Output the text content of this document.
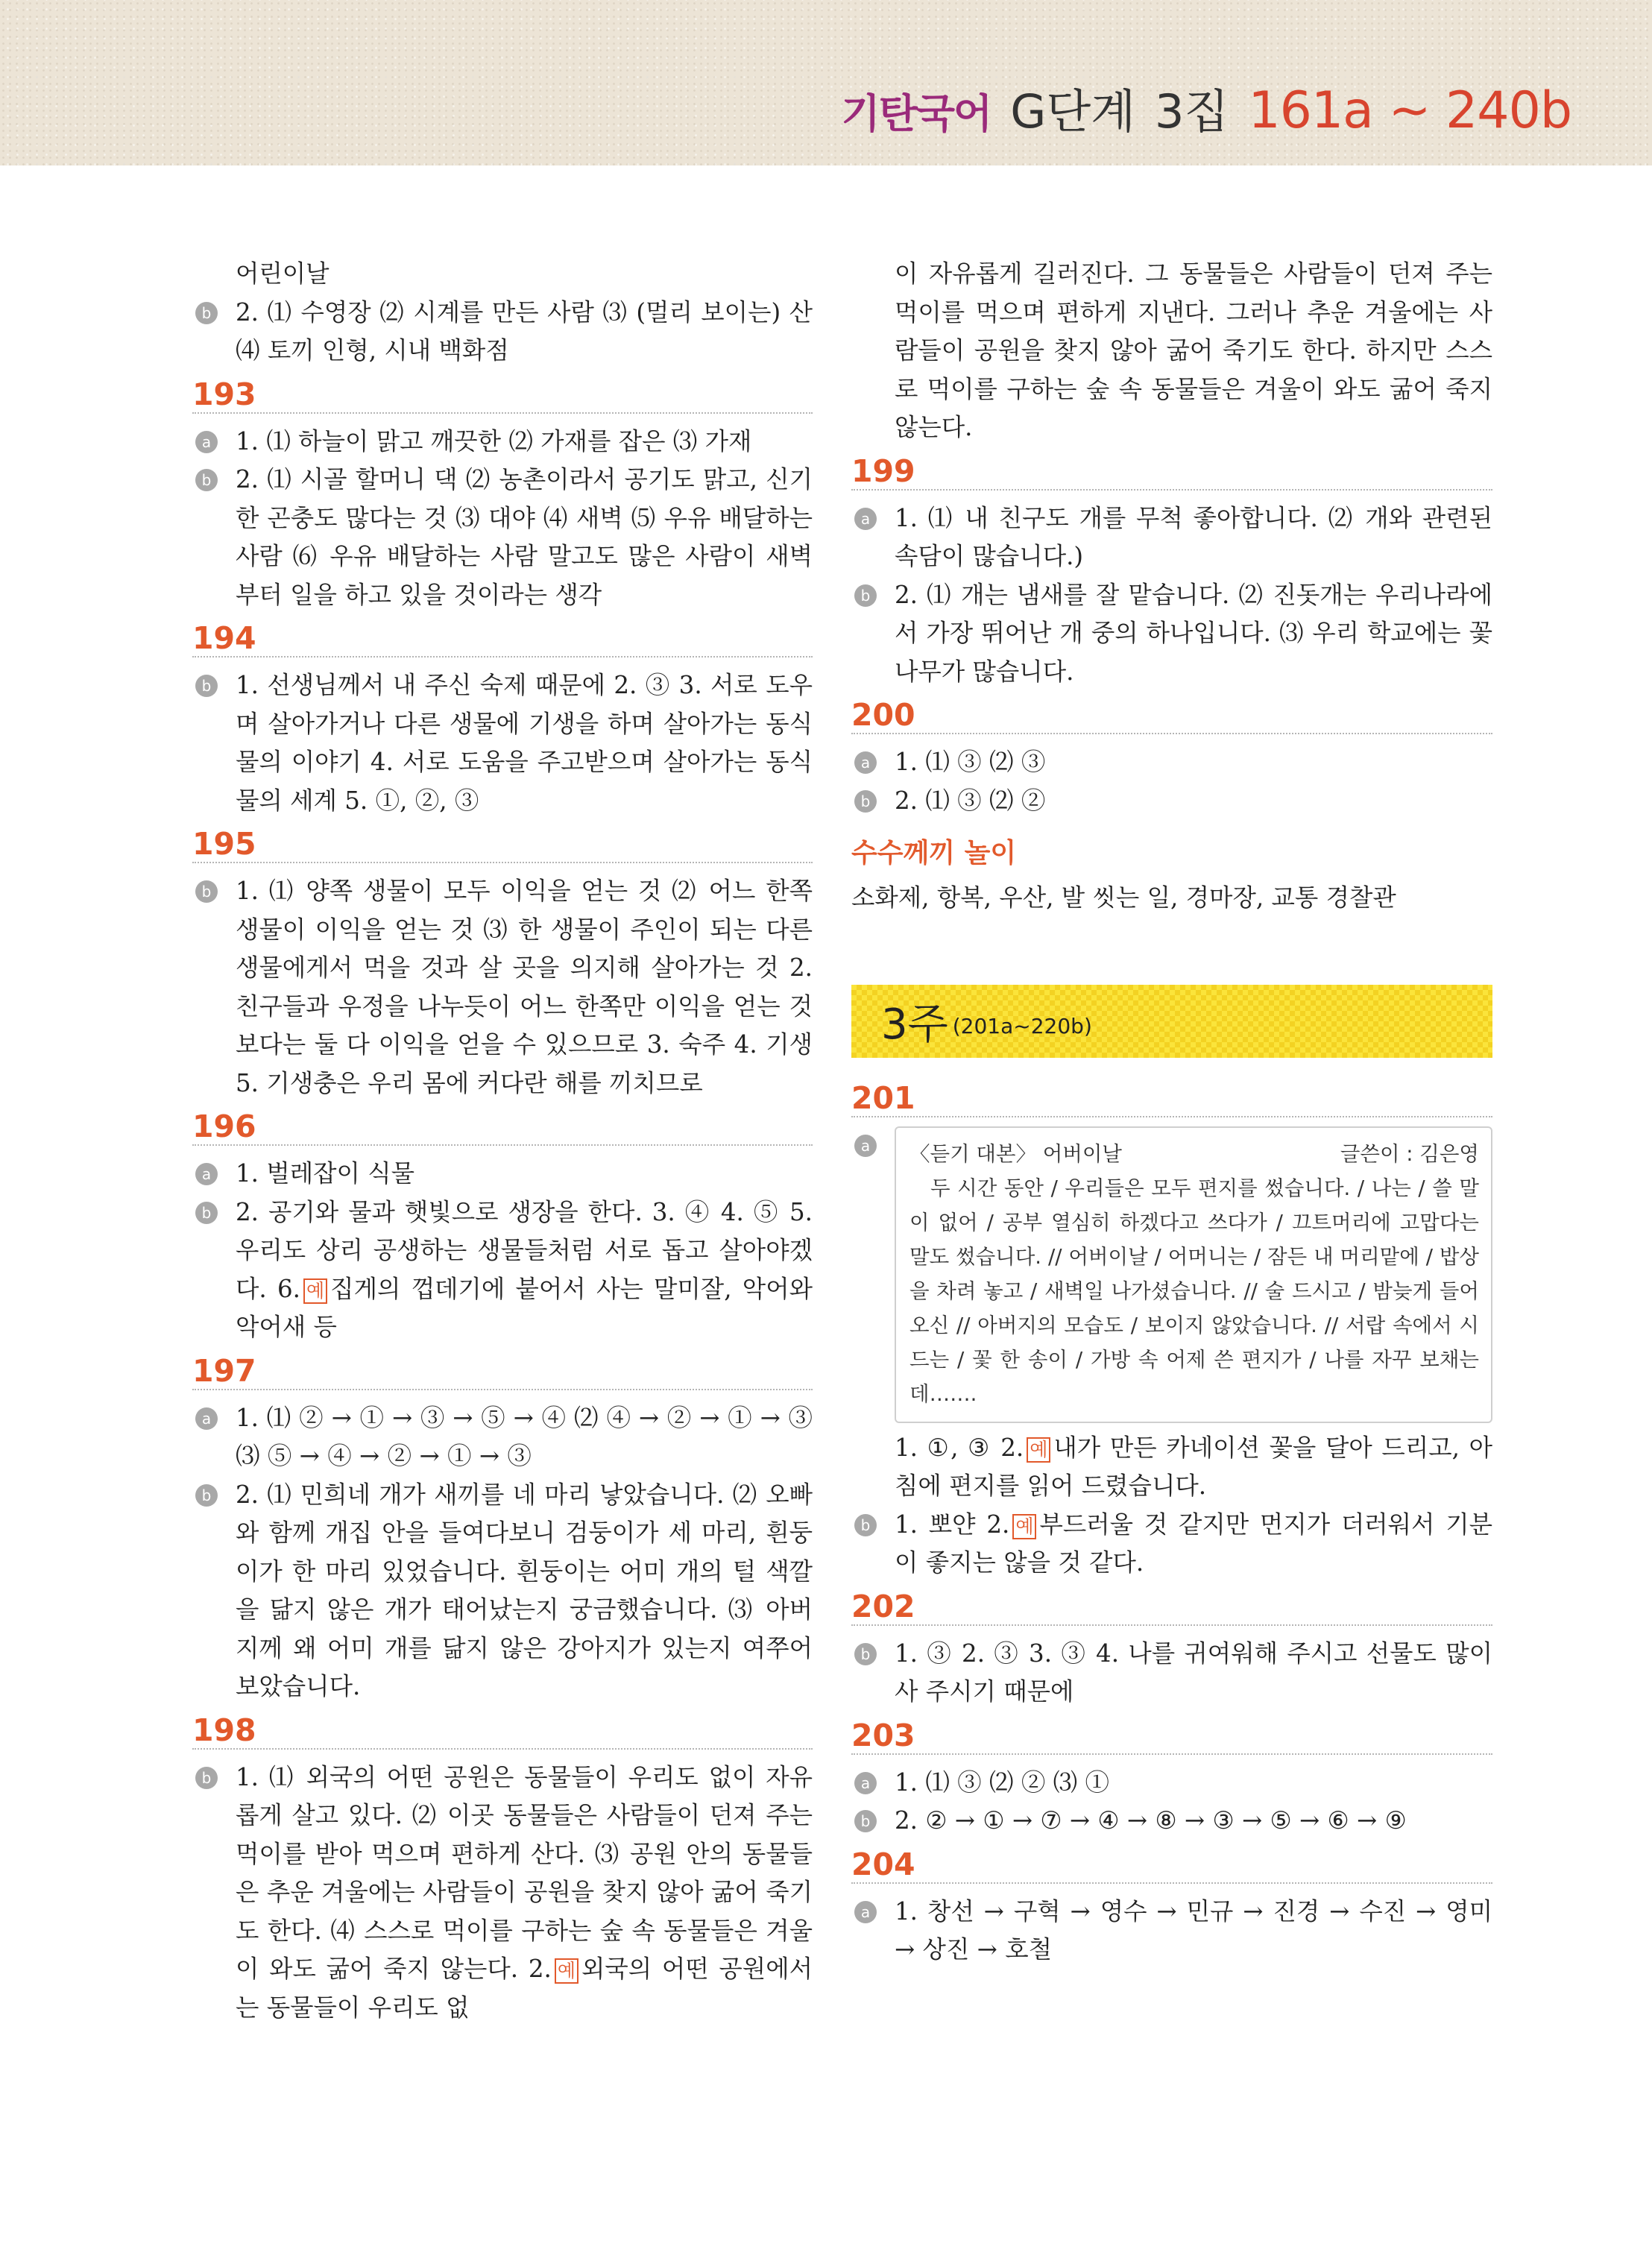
기탄국어 G단계 3집 161a ~ 240b
어린이날
b 2. ⑴ 수영장 ⑵ 시계를 만든 사람 ⑶ (멀리 보이는) 산 ⑷ 토끼 인형, 시내 백화점
193
a 1. ⑴ 하늘이 맑고 깨끗한 ⑵ 가재를 잡은 ⑶ 가재
b 2. ⑴ 시골 할머니 댁 ⑵ 농촌이라서 공기도 맑고, 신기한 곤충도 많다는 것 ⑶ 대야 ⑷ 새벽 ⑸ 우유 배달하는 사람 ⑹ 우유 배달하는 사람 말고도 많은 사람이 새벽부터 일을 하고 있을 것이라는 생각
194
b 1. 선생님께서 내 주신 숙제 때문에 2. ③ 3. 서로 도우며 살아가거나 다른 생물에 기생을 하며 살아가는 동식물의 이야기 4. 서로 도움을 주고받으며 살아가는 동식물의 세계 5. ①, ②, ③
195
b 1. ⑴ 양쪽 생물이 모두 이익을 얻는 것 ⑵ 어느 한쪽 생물이 이익을 얻는 것 ⑶ 한 생물이 주인이 되는 다른 생물에게서 먹을 것과 살 곳을 의지해 살아가는 것 2. 친구들과 우정을 나누듯이 어느 한쪽만 이익을 얻는 것보다는 둘 다 이익을 얻을 수 있으므로 3. 숙주 4. 기생 5. 기생충은 우리 몸에 커다란 해를 끼치므로
196
a 1. 벌레잡이 식물
b 2. 공기와 물과 햇빛으로 생장을 한다. 3. ④ 4. ⑤ 5. 우리도 상리 공생하는 생물들처럼 서로 돕고 살아야겠다. 6. 예 집게의 껍데기에 붙어서 사는 말미잘, 악어와 악어새 등
197
a 1. ⑴ ② → ① → ③ → ⑤ → ④ ⑵ ④ → ② → ① → ③ ⑶ ⑤ → ④ → ② → ① → ③
b 2. ⑴ 민희네 개가 새끼를 네 마리 낳았습니다. ⑵ 오빠와 함께 개집 안을 들여다보니 검둥이가 세 마리, 흰둥이가 한 마리 있었습니다. 흰둥이는 어미 개의 털 색깔을 닮지 않은 개가 태어났는지 궁금했습니다. ⑶ 아버지께 왜 어미 개를 닮지 않은 강아지가 있는지 여쭈어 보았습니다.
198
b 1. ⑴ 외국의 어떤 공원은 동물들이 우리도 없이 자유롭게 살고 있다. ⑵ 이곳 동물들은 사람들이 던져 주는 먹이를 받아 먹으며 편하게 산다. ⑶ 공원 안의 동물들은 추운 겨울에는 사람들이 공원을 찾지 않아 굶어 죽기도 한다. ⑷ 스스로 먹이를 구하는 숲 속 동물들은 겨울이 와도 굶어 죽지 않는다. 2. 예 외국의 어떤 공원에서는 동물들이 우리도 없
이 자유롭게 길러진다. 그 동물들은 사람들이 던져 주는 먹이를 먹으며 편하게 지낸다. 그러나 추운 겨울에는 사람들이 공원을 찾지 않아 굶어 죽기도 한다. 하지만 스스로 먹이를 구하는 숲 속 동물들은 겨울이 와도 굶어 죽지 않는다.
199
a 1. ⑴ 내 친구도 개를 무척 좋아합니다. ⑵ 개와 관련된 속담이 많습니다.)
b 2. ⑴ 개는 냄새를 잘 맡습니다. ⑵ 진돗개는 우리나라에서 가장 뛰어난 개 중의 하나입니다. ⑶ 우리 학교에는 꽃나무가 많습니다.
200
a 1. ⑴ ③ ⑵ ③
b 2. ⑴ ③ ⑵ ②
수수께끼 놀이
소화제, 항복, 우산, 발 씻는 일, 경마장, 교통 경찰관
3주 (201a~220b)
201
a	〈듣기 대본〉 어버이날	글쓴이 : 김은영
두 시간 동안 / 우리들은 모두 편지를 썼습니다. / 나는 / 쓸 말이 없어 / 공부 열심히 하겠다고 쓰다가 / 끄트머리에 고맙다는 말도 썼습니다. // 어버이날 / 어머니는 / 잠든 내 머리맡에 / 밥상을 차려 놓고 / 새벽일 나가셨습니다. // 술 드시고 / 밤늦게 들어오신 // 아버지의 모습도 / 보이지 않았습니다. // 서랍 속에서 시드는 / 꽃 한 송이 / 가방 속 어제 쓴 편지가 / 나를 자꾸 보채는데…….
1. ①, ③ 2. 예 내가 만든 카네이션 꽃을 달아 드리고, 아침에 편지를 읽어 드렸습니다.
b 1. 뽀얀 2. 예 부드러울 것 같지만 먼지가 더러워서 기분이 좋지는 않을 것 같다.
202
b 1. ③ 2. ③ 3. ③ 4. 나를 귀여워해 주시고 선물도 많이 사 주시기 때문에
203
a 1. ⑴ ③ ⑵ ② ⑶ ①
b 2. ② → ① → ⑦ → ④ → ⑧ → ③ → ⑤ → ⑥ → ⑨
204
a 1. 창선 → 구혁 → 영수 → 민규 → 진경 → 수진 → 영미 → 상진 → 호철
